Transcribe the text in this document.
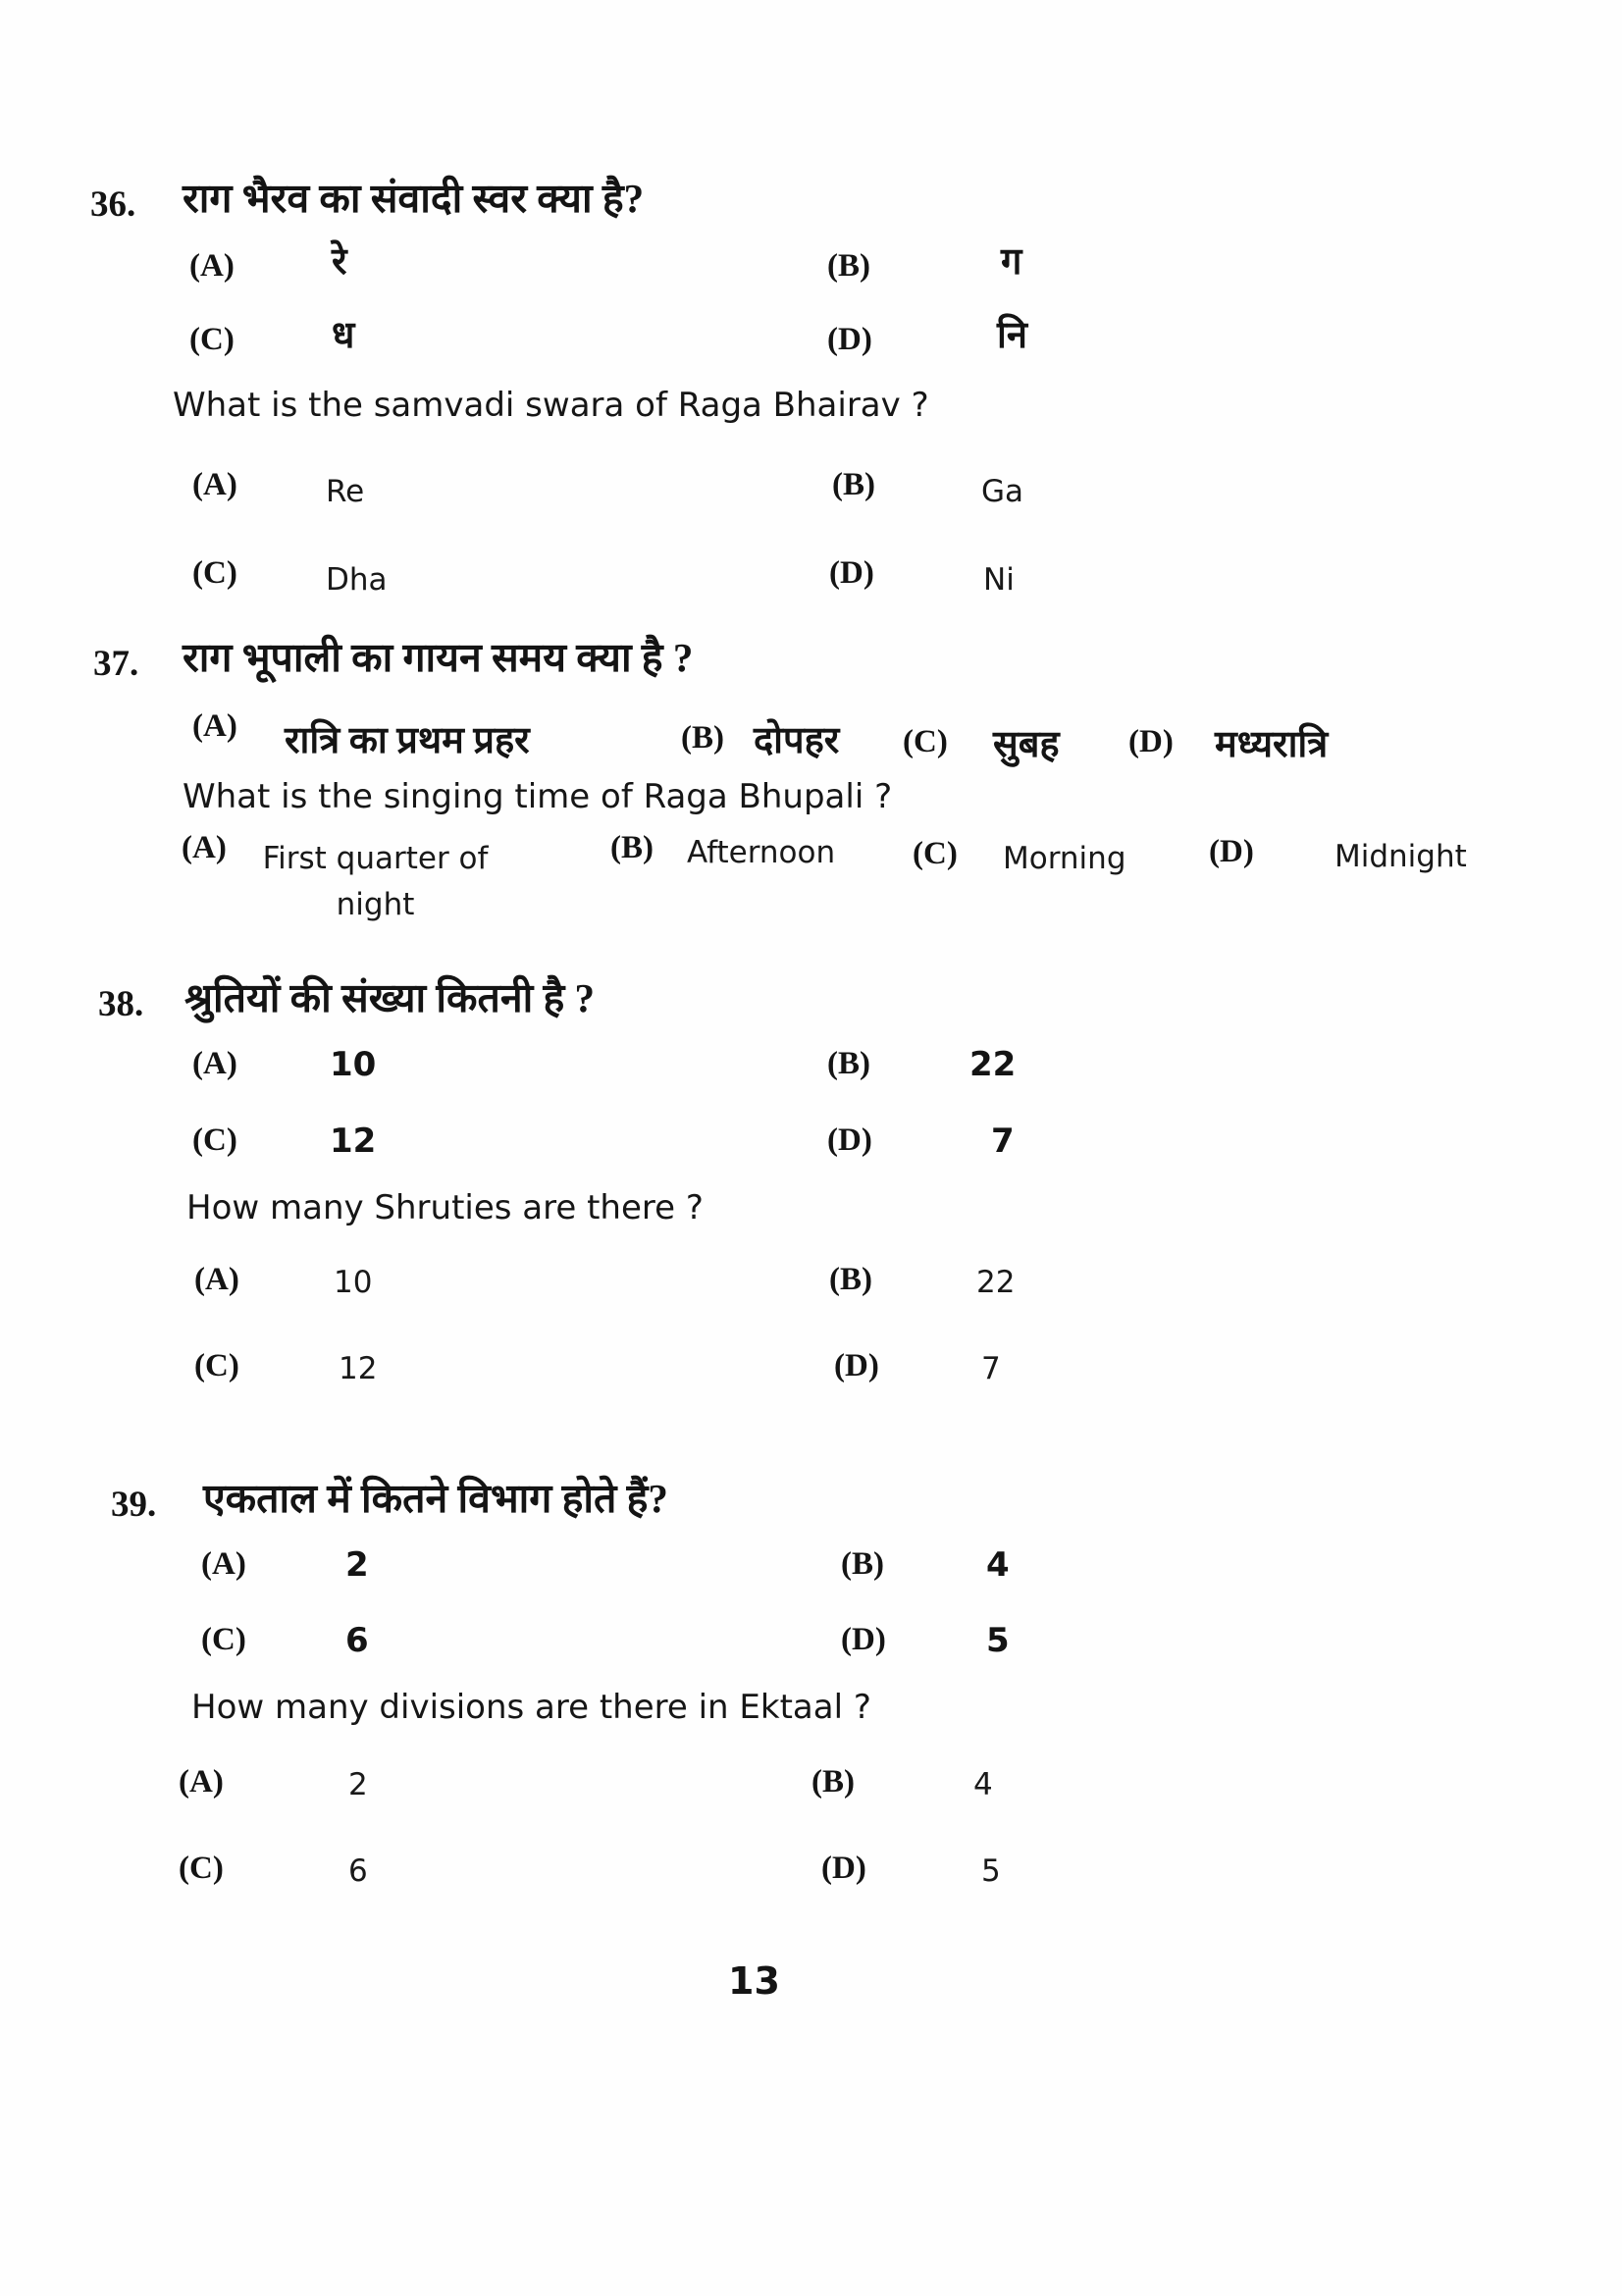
36. राग भैरव का संवादी स्वर क्या है?
(A)	रे	(B)	ग
(C)	ध	(D)	नि
What is the samvadi swara of Raga Bhairav ?
(A)	Re	(B)	Ga
(C)	Dha	(D)	Ni
37. राग भूपाली का गायन समय क्या है ?
(A) रात्रि का प्रथम प्रहर	(B) दोपहर (C) सुबह (D) मध्यरात्रि
What is the singing time of Raga Bhupali ?
(A)	First quarter of night
(B) Afternoon (C) Morning	(D)	Midnight
38. श्रुतियों की संख्या कितनी है ?
(A)	10	(B)	22
(C)	12	(D)	7
How many Shruties are there ?
(A)	10	(B)	22
(C)	12	(D)	7
39. एकताल में कितने विभाग होते हैं?
(A)	2	(B)	4
(C)	6	(D)	5
How many divisions are there in Ektaal ?
(A)	2	(B)	4
(C)	6	(D)	5
13
